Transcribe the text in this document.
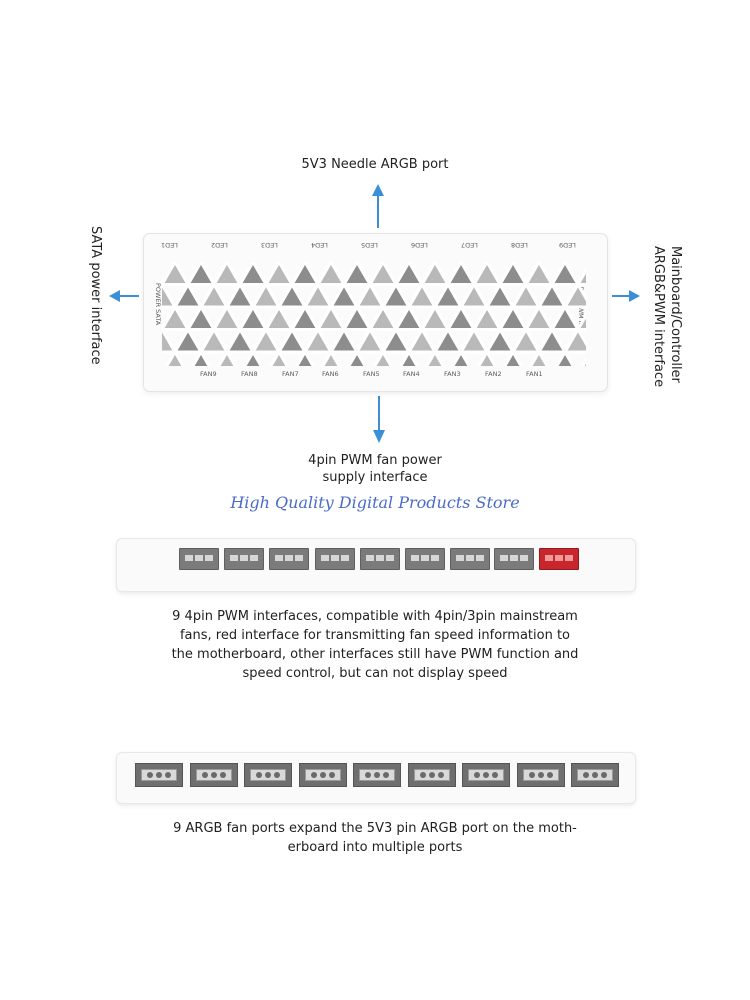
5V3 Needle ARGB port
4pin PWM fan power
supply interface
SATA power interface	Mainboard/Controller
ARGB&PWM interface
LED1	LED2	LED3	LED4	LED5	LED6	LED7	LED8	LED9
FAN9	FAN8	FAN7	FAN6	FAN5	FAN4	FAN3	FAN2	FAN1
POWER SATA
High Quality Digital Products Store
9 4pin PWM interfaces, compatible with 4pin/3pin mainstream
fans, red interface for transmitting fan speed information to
the motherboard, other interfaces still have PWM function and
speed control, but can not display speed
9 ARGB fan ports expand the 5V3 pin ARGB port on the moth-
erboard into multiple ports
